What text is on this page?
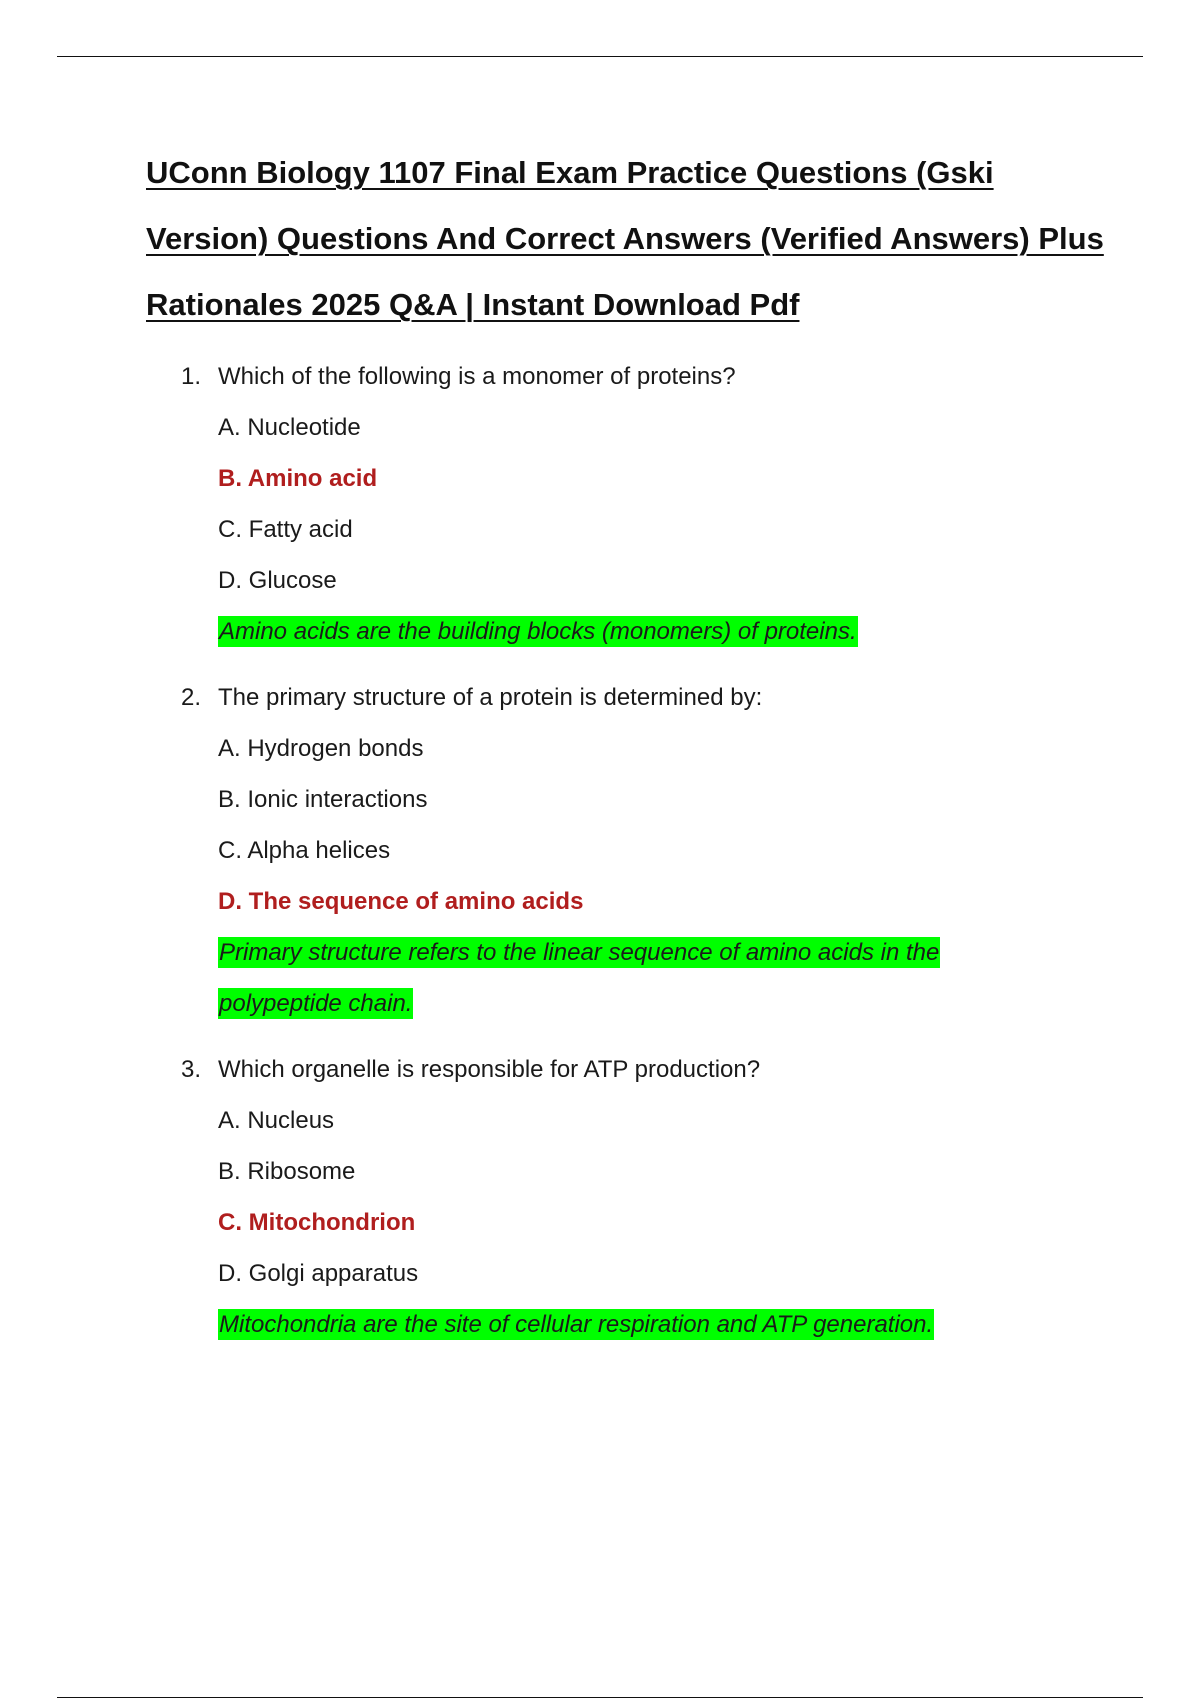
UConn Biology 1107 Final Exam Practice Questions (Gski Version) Questions And Correct Answers (Verified Answers) Plus Rationales 2025 Q&A | Instant Download Pdf
1. Which of the following is a monomer of proteins?

A. Nucleotide
B. Amino acid
C. Fatty acid
D. Glucose

Amino acids are the building blocks (monomers) of proteins.

2. The primary structure of a protein is determined by:

A. Hydrogen bonds
B. Ionic interactions
C. Alpha helices
D. The sequence of amino acids

Primary structure refers to the linear sequence of amino acids in the polypeptide chain.

3. Which organelle is responsible for ATP production?

A. Nucleus
B. Ribosome
C. Mitochondrion
D. Golgi apparatus

Mitochondria are the site of cellular respiration and ATP generation.
